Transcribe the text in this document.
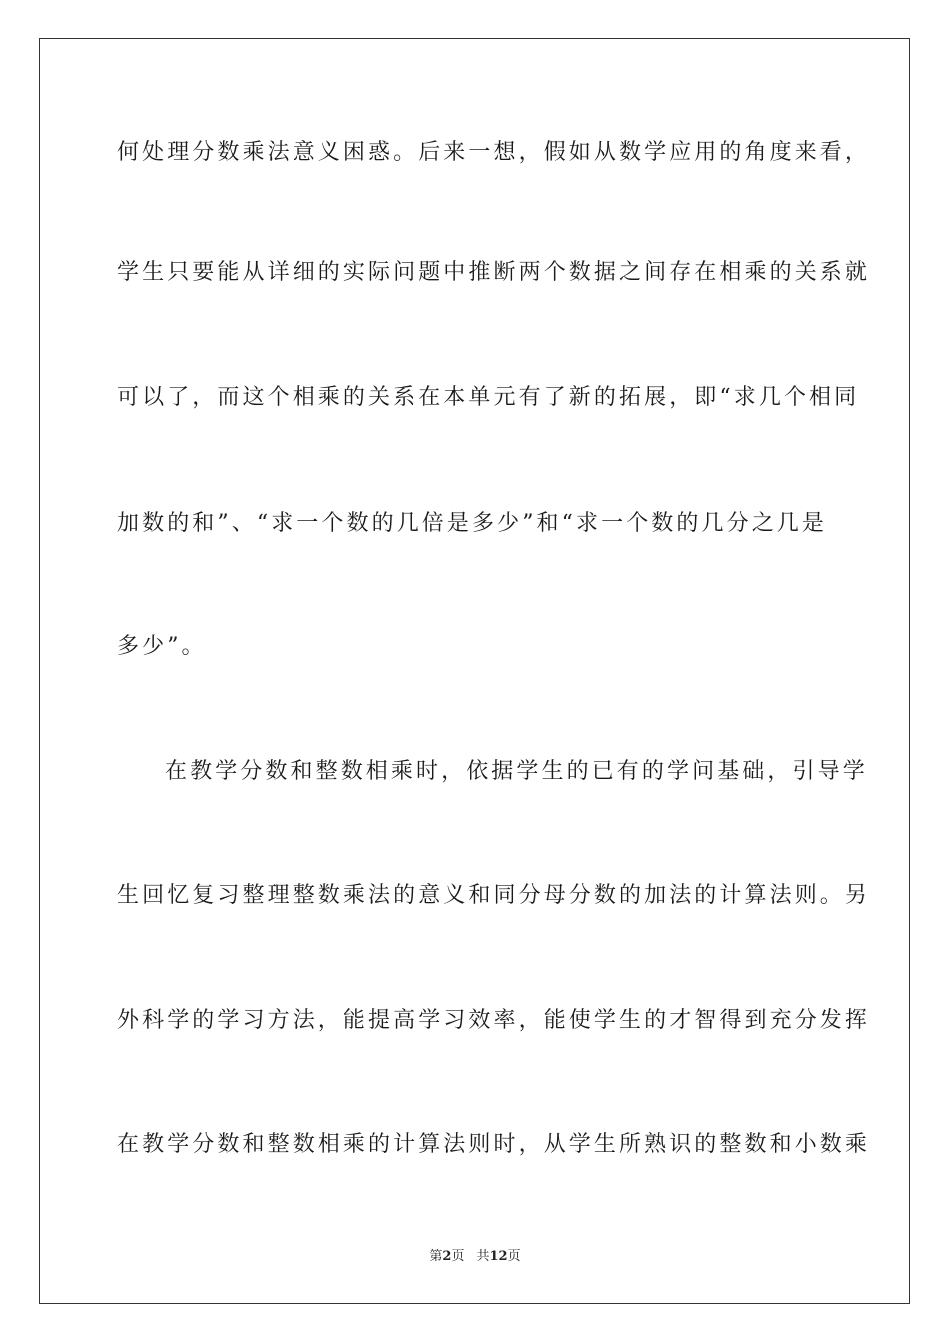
何处理分数乘法意义困惑。后来一想，假如从数学应用的角度来看，
学生只要能从详细的实际问题中推断两个数据之间存在相乘的关系就
可以了，而这个相乘的关系在本单元有了新的拓展，即“求几个相同
加数的和”、“求一个数的几倍是多少”和“求一个数的几分之几是
多少”。
在教学分数和整数相乘时，依据学生的已有的学问基础，引导学
生回忆复习整理整数乘法的意义和同分母分数的加法的计算法则。另
外科学的学习方法，能提高学习效率，能使学生的才智得到充分发挥
在教学分数和整数相乘的计算法则时，从学生所熟识的整数和小数乘
第2页 共12页
